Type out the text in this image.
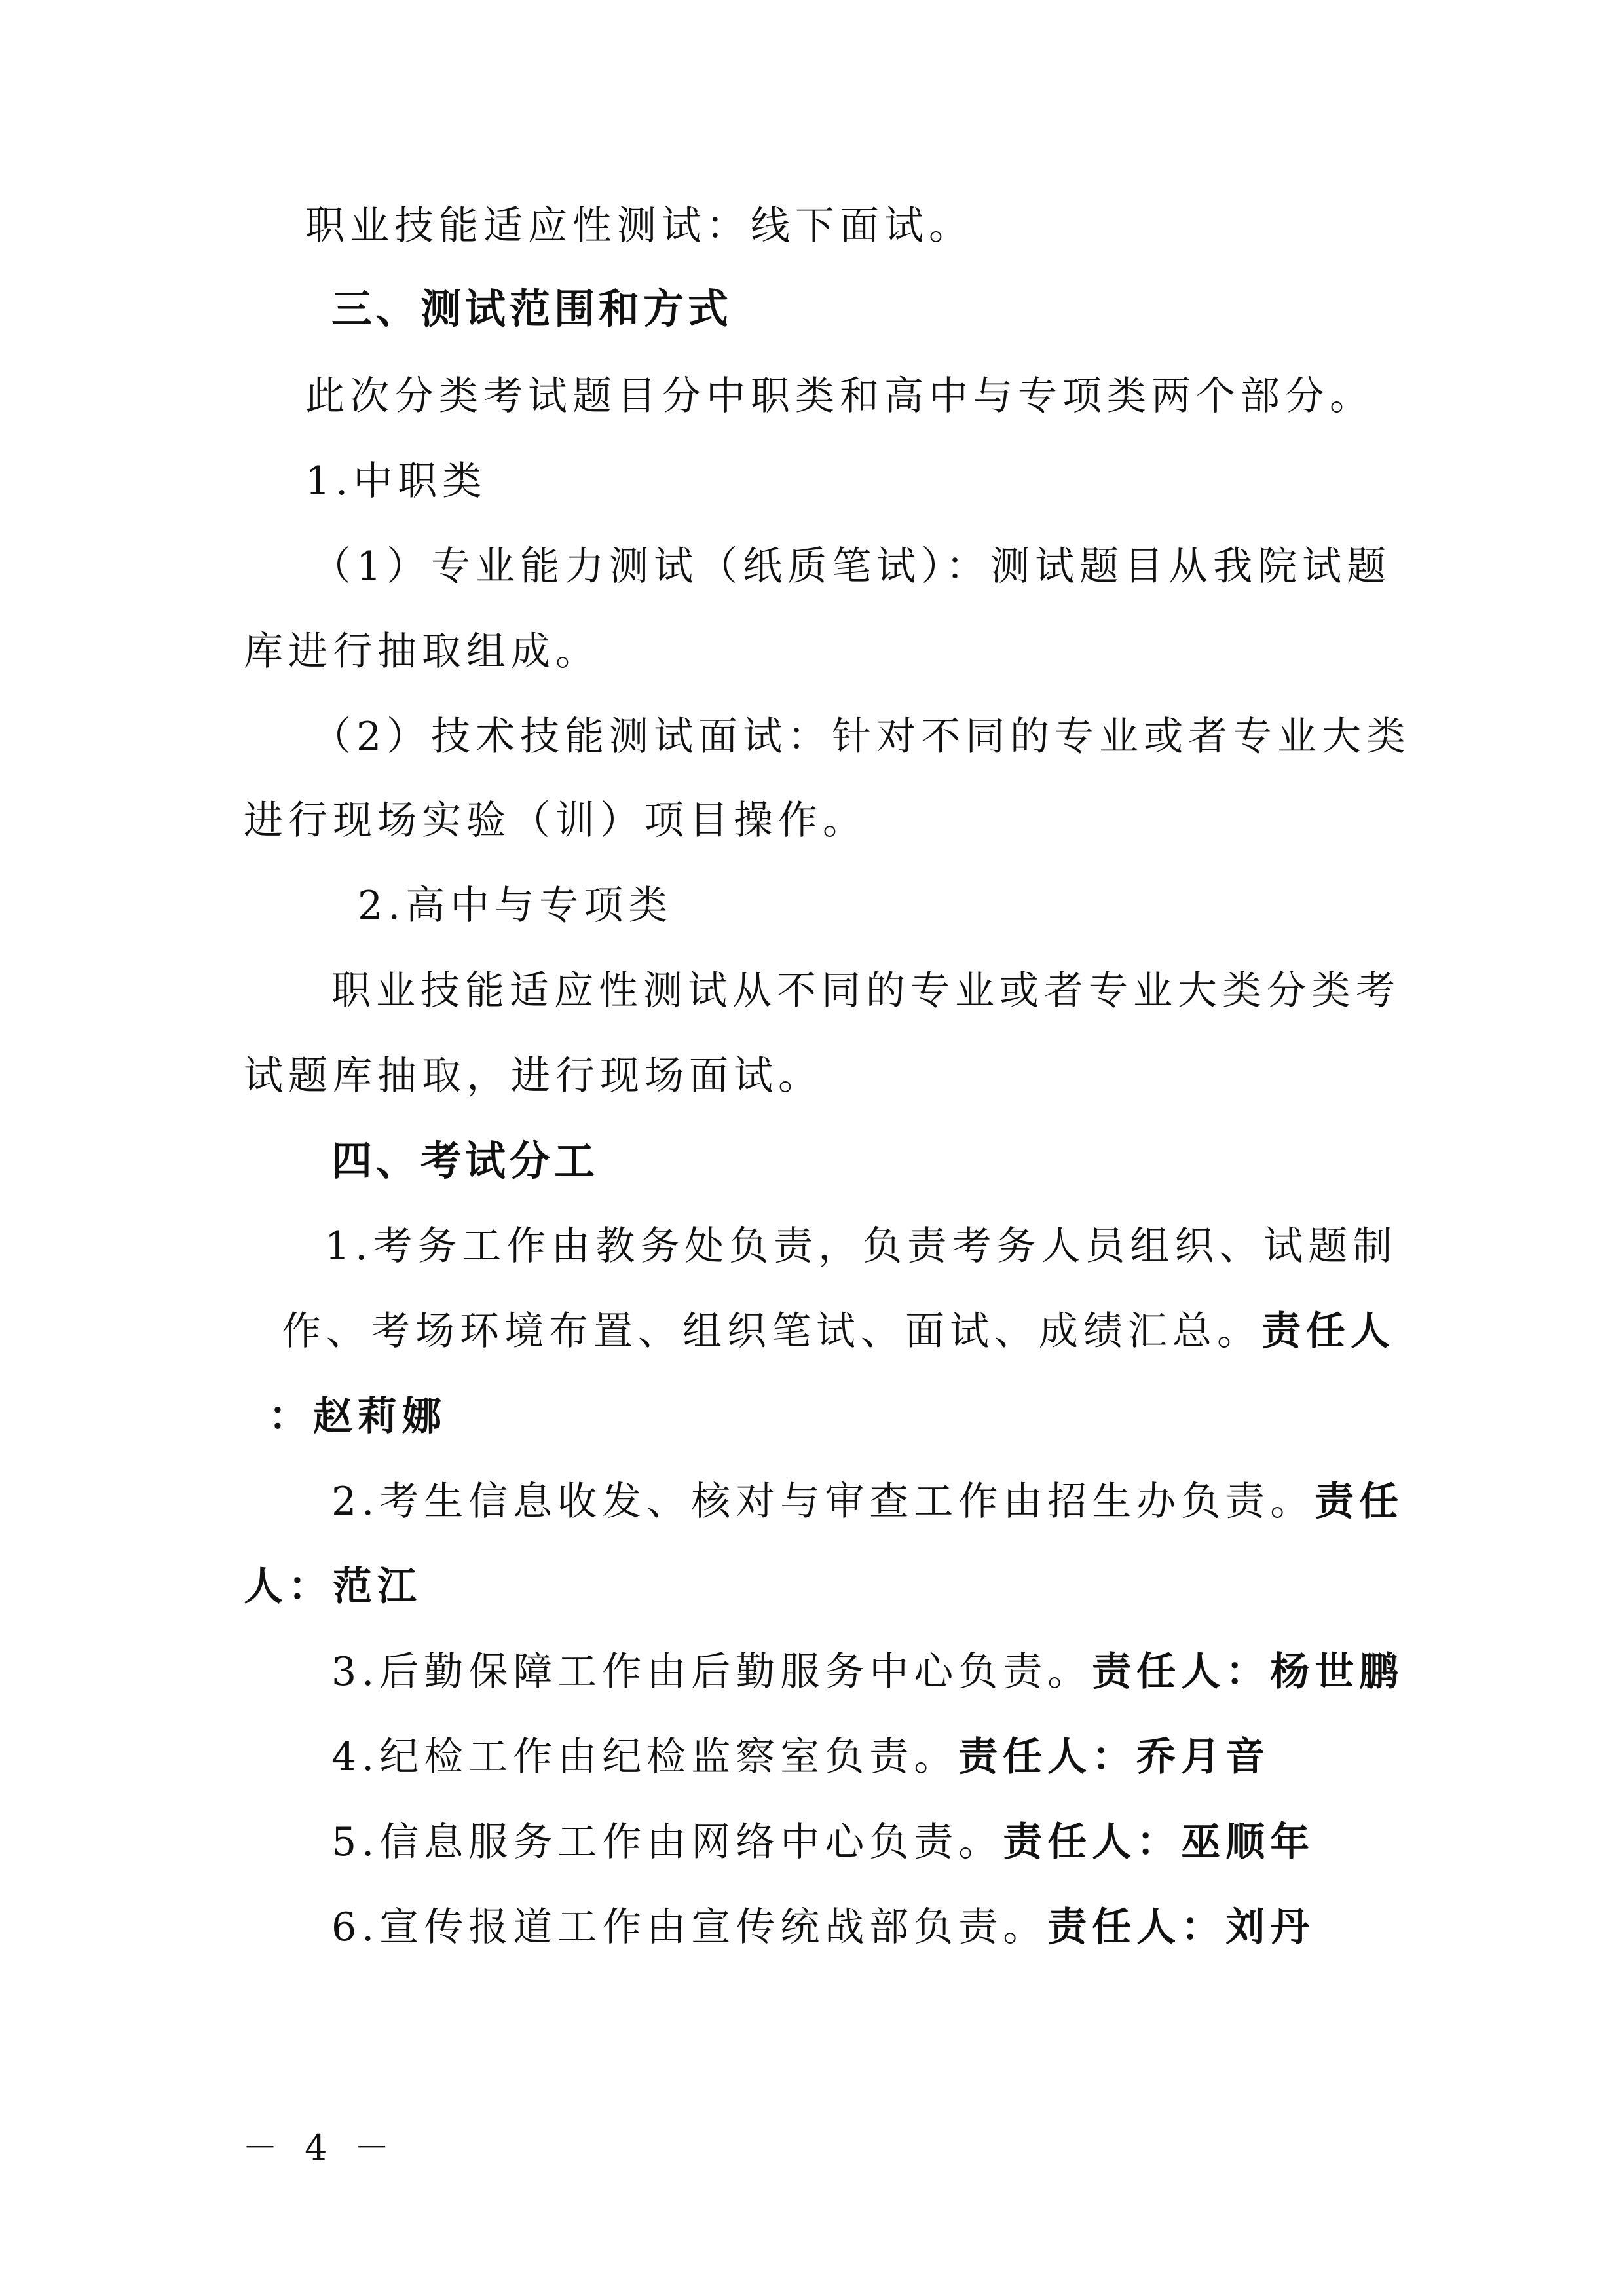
职业技能适应性测试：线下面试。
三、测试范围和方式
此次分类考试题目分中职类和高中与专项类两个部分。
1.中职类
（1）专业能力测试（纸质笔试）：测试题目从我院试题
库进行抽取组成。
（2）技术技能测试面试：针对不同的专业或者专业大类
进行现场实验（训）项目操作。
2.高中与专项类
职业技能适应性测试从不同的专业或者专业大类分类考
试题库抽取，进行现场面试。
四、考试分工
1.考务工作由教务处负责，负责考务人员组织、试题制
作、考场环境布置、组织笔试、面试、成绩汇总。责任人
：赵莉娜
2.考生信息收发、核对与审查工作由招生办负责。责任
人：范江
3.后勤保障工作由后勤服务中心负责。责任人：杨世鹏
4.纪检工作由纪检监察室负责。责任人：乔月音
5.信息服务工作由网络中心负责。责任人：巫顺年
6.宣传报道工作由宣传统战部负责。责任人：刘丹
－ 4 －
